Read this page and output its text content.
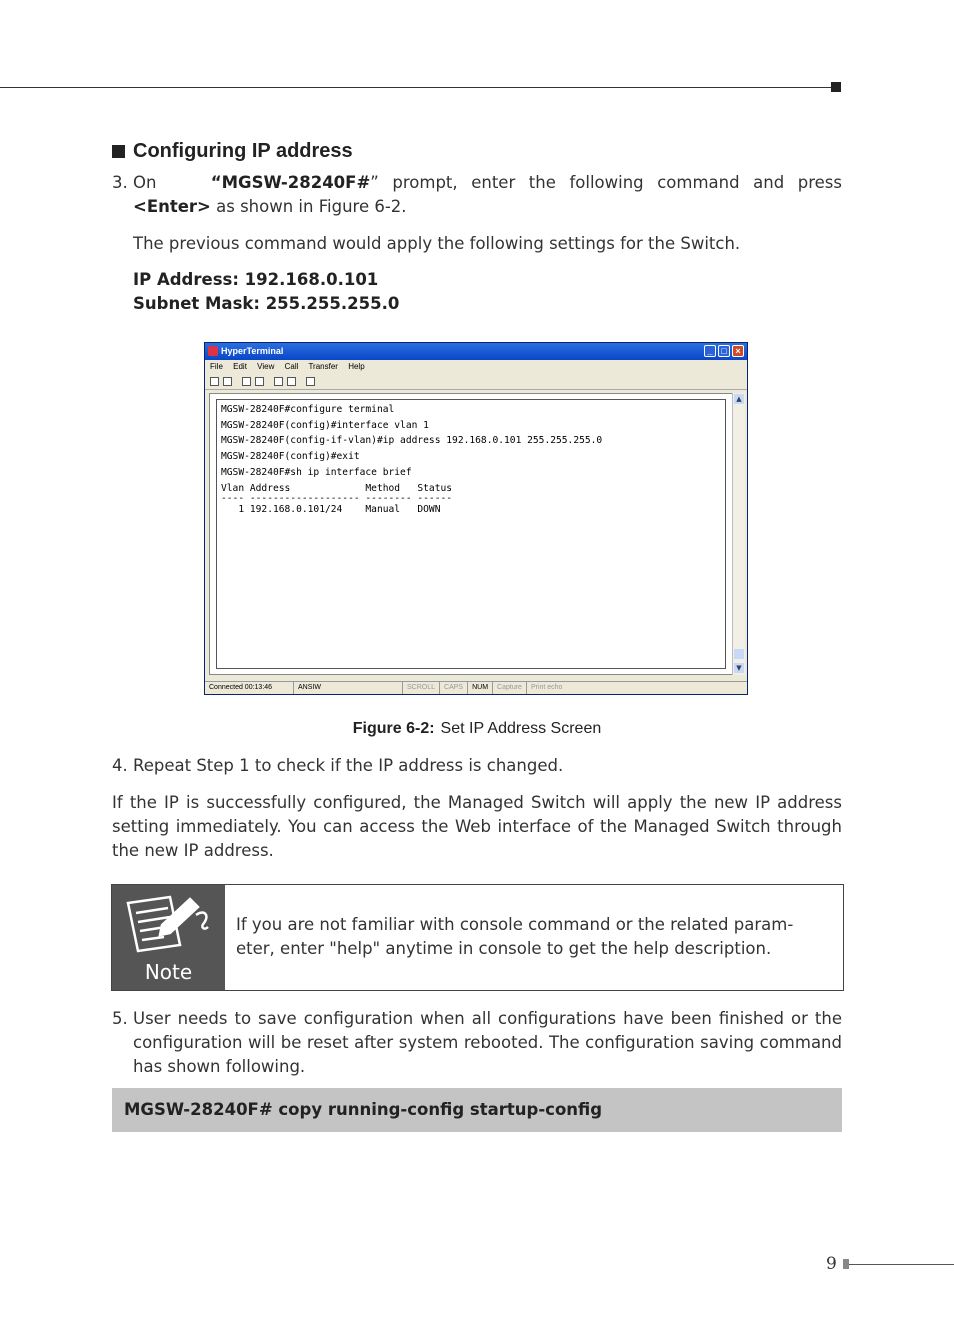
Configuring IP address
3. On	“MGSW-28240F#” prompt, enter the following command and press
<Enter> as shown in Figure 6-2.
The previous command would apply the following settings for the Switch.
IP Address: 192.168.0.101
Subnet Mask: 255.255.255.0
HyperTerminal	_ □ ×
File Edit View Call Transfer Help
MGSW-28240F#configure terminal
MGSW-28240F(config)#interface vlan 1
MGSW-28240F(config-if-vlan)#ip address 192.168.0.101 255.255.255.0
MGSW-28240F(config)#exit
MGSW-28240F#sh ip interface brief
Vlan Address             Method   Status
---- ------------------- -------- ------
1 192.168.0.101/24    Manual   DOWN
▲
▼
Connected 00:13:46	ANSIW	SCROLL	CAPS	NUM	Capture	Print echo
Figure 6-2: Set IP Address Screen
4. Repeat Step 1 to check if the IP address is changed.
If the IP is successfully configured, the Managed Switch will apply the new IP address setting immediately. You can access the Web interface of the Managed Switch through the new IP address.
Note
If you are not familiar with console command or the related param-eter, enter "help" anytime in console to get the help description.
5. User needs to save configuration when all configurations have been finished or the configuration will be reset after system rebooted. The configuration saving command has shown following.
MGSW-28240F# copy running-config startup-config
9
